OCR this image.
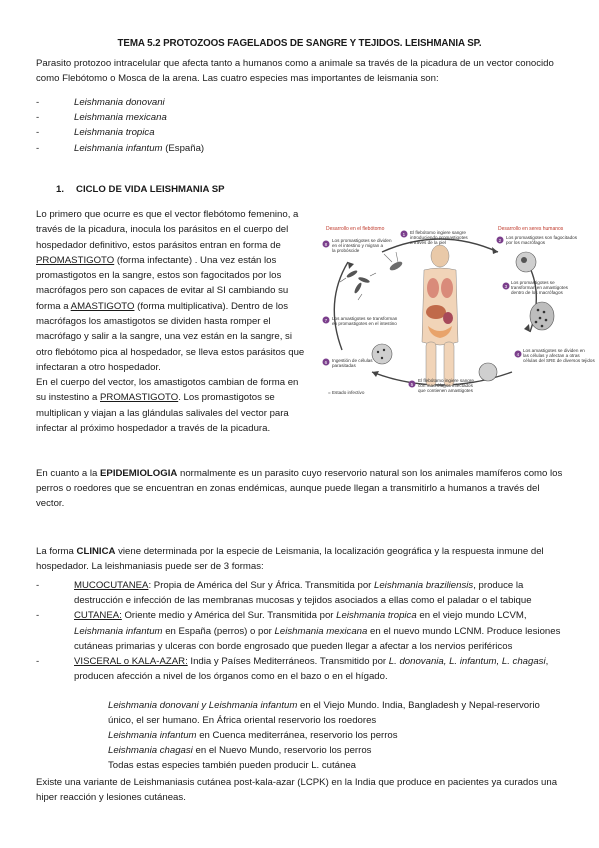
TEMA 5.2 PROTOZOOS FAGELADOS DE SANGRE Y TEJIDOS. LEISHMANIA SP.
Parasito protozoo intracelular que afecta tanto a humanos como a animale sa través de la picadura de un vector conocido como Flebótomo o Mosca de la arena. Las cuatro especies mas importantes de leismania son:
- Leishmania donovani
- Leishmania mexicana
- Leishmania tropica
- Leishmania infantum (España)
1. CICLO DE VIDA LEISHMANIA SP
Lo primero que ocurre es que el vector flebótomo femenino, a través de la picadura, inocula los parásitos en el cuerpo del hospedador definitivo, estos parásitos entran en forma de PROMASTIGOTO (forma infectante) . Una vez están los promastigotos en la sangre, estos son fagocitados por los macrófagos pero son capaces de evitar al SI cambiando su forma a AMASTIGOTO (forma multiplicativa). Dentro de los macrófagos los amastigotos se dividen hasta romper el macrófago y salir a la sangre, una vez están en la sangre, si otro flebótomo pica al hospedador, se lleva estos parásitos que infectaran a otro hospedador.
En el cuerpo del vector, los amastigotos cambian de forma en su instestino a PROMASTIGOTO. Los promastigotos se multiplican y viajan a las glándulas salivales del vector para infectar al próximo hospedador a través de la picadura.
Desarrollo en el flebótomo	Desarrollo en seres humanos
1 El flebótomo ingiere sangre
introduciendo promastigotes
a través de la piel	2
Los promastigotes son fagocitados
por los macrófagos
3
Los promastigotes se
transforman en amastigotes
dentro de los macrófagos
4
Los amastigotes se dividen en
las células y afectan a otras
células del SRE de diversos tejidos
5
El flebótomo ingiere sangre
con macrófagos infectados
que contienen amastigotes
6 Ingestión de células
parasitadas
7 Los amastigotes se transforman
en promastigotes en el intestino
8
Los promastigotes se dividen
en el intestino y migran a
la probóscide
= Estado infectivo
En cuanto a la EPIDEMIOLOGIA normalmente es un parasito cuyo reservorio natural son los animales mamíferos como los perros o roedores que se encuentran en zonas endémicas, aunque puede llegan a transmitirlo a humanos a través del vector.
La forma CLINICA viene determinada por la especie de Leismania, la localización geográfica y la respuesta inmune del hospedador. La leishmaniasis puede ser de 3 formas:
- MUCOCUTANEA: Propia de América del Sur y África. Transmitida por Leishmania braziliensis, produce la destrucción e infección de las membranas mucosas y tejidos asociados a ellas como el paladar o el tabique
- CUTANEA: Oriente medio y América del Sur. Transmitida por Leishmania tropica en el viejo mundo LCVM, Leishmania infantum en España (perros) o por Leishmania mexicana en el nuevo mundo LCNM. Produce lesiones cutáneas primarias y ulceras con borde engrosado que pueden llegar a afectar a los nervios periféricos
- VISCERAL o KALA-AZAR: India y Países Mediterráneos. Transmitido por L. donovania, L. infantum, L. chagasi, producen afección a nivel de los órganos como en el bazo o en el hígado.
Leishmania donovani y Leishmania infantum en el Viejo Mundo. India, Bangladesh y Nepal-reservorio único, el ser humano. En África oriental reservorio los roedores
Leishmania infantum en Cuenca mediterránea, reservorio los perros
Leishmania chagasi en el Nuevo Mundo, reservorio los perros
Todas estas especies también pueden producir L. cutánea
Existe una variante de Leishmaniasis cutánea post-kala-azar (LCPK) en la India que produce en pacientes ya curados una hiper reacción y lesiones cutáneas.
